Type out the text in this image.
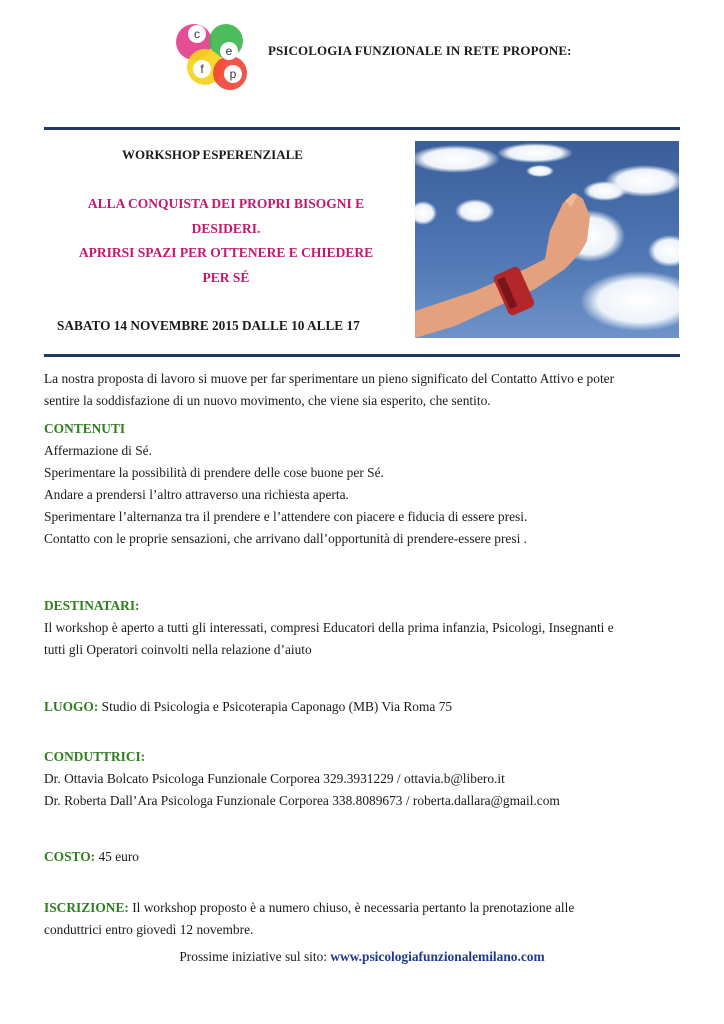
c
e
f p
PSICOLOGIA FUNZIONALE IN RETE PROPONE:
WORKSHOP ESPERENZIALE
ALLA CONQUISTA DEI PROPRI BISOGNI E
DESIDERI.
APRIRSI SPAZI PER OTTENERE E CHIEDERE
PER SÉ
SABATO 14 NOVEMBRE 2015 DALLE 10 ALLE 17

La nostra proposta di lavoro si muove per far sperimentare un pieno significato del Contatto Attivo e poter

sentire la soddisfazione di un nuovo movimento, che viene sia esperito, che sentito.

CONTENUTI

Affermazione di Sé.

Sperimentare la possibilità di prendere delle cose buone per Sé.

Andare a prendersi l’altro attraverso una richiesta aperta.

Sperimentare l’alternanza tra il prendere e l’attendere con piacere e fiducia di essere presi.

Contatto con le proprie sensazioni, che arrivano dall’opportunità di prendere-essere presi .

DESTINATARI:

Il workshop è aperto a tutti gli interessati, compresi Educatori della prima infanzia, Psicologi, Insegnanti e

tutti gli Operatori coinvolti nella relazione d’aiuto

LUOGO: Studio di Psicologia e Psicoterapia Caponago (MB) Via Roma 75

CONDUTTRICI:

Dr. Ottavia Bolcato Psicologa Funzionale Corporea 329.3931229 / ottavia.b@libero.it

Dr. Roberta Dall’Ara Psicologa Funzionale Corporea 338.8089673 / roberta.dallara@gmail.com

COSTO: 45 euro

ISCRIZIONE: Il workshop proposto è a numero chiuso, è necessaria pertanto la prenotazione alle

conduttrici entro giovedì 12 novembre.

Prossime iniziative sul sito: www.psicologiafunzionalemilano.com
